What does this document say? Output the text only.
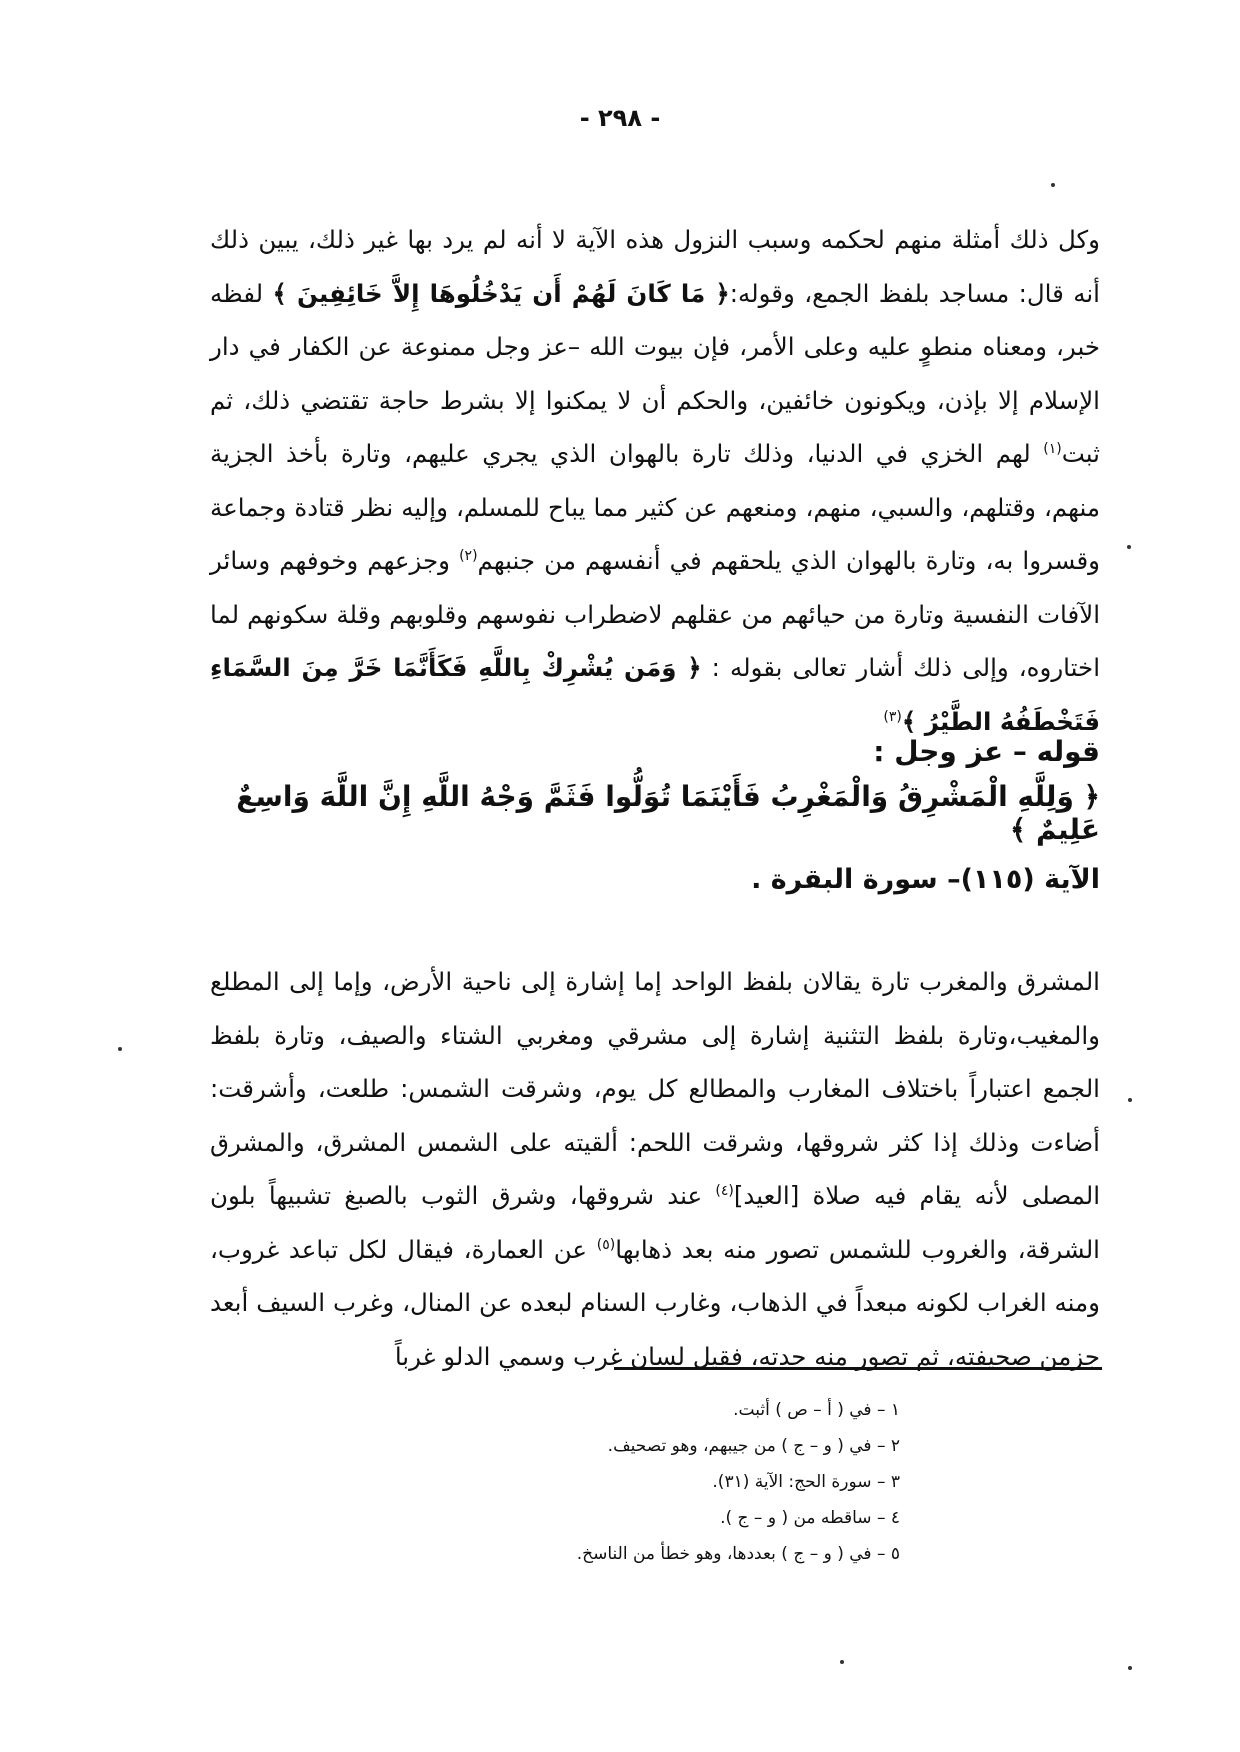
- ٢٩٨ -

وكل ذلك أمثلة منهم لحكمه وسبب النزول هذه الآية لا أنه لم يرد بها غير ذلك، يبين ذلك أنه قال: مساجد بلفظ الجمع، وقوله:﴿ مَا كَانَ لَهُمْ أَن يَدْخُلُوهَا إِلاَّ خَائِفِينَ ﴾ لفظه خبر، ومعناه منطوٍ عليه وعلى الأمر، فإن بيوت الله –عز وجل ممنوعة عن الكفار في دار الإسلام إلا بإذن، ويكونون خائفين، والحكم أن لا يمكنوا إلا بشرط حاجة تقتضي ذلك، ثم ثبت$^{(١)}$ لهم الخزي في الدنيا، وذلك تارة بالهوان الذي يجري عليهم، وتارة بأخذ الجزية منهم، وقتلهم، والسبي، منهم، ومنعهم عن كثير مما يباح للمسلم، وإليه نظر قتادة وجماعة وقسروا به، وتارة بالهوان الذي يلحقهم في أنفسهم من جنبهم$^{(٢)}$ وجزعهم وخوفهم وسائر الآفات النفسية وتارة من حيائهم من عقلهم لاضطراب نفوسهم وقلوبهم وقلة سكونهم لما اختاروه، وإلى ذلك أشار تعالى بقوله : ﴿ وَمَن يُشْرِكْ بِاللَّهِ فَكَأَنَّمَا خَرَّ مِنَ السَّمَاءِ فَتَخْطَفُهُ الطَّيْرُ ﴾$^{(٣)}$

قوله – عز وجل :
﴿ وَلِلَّهِ الْمَشْرِقُ وَالْمَغْرِبُ فَأَيْنَمَا تُوَلُّوا فَثَمَّ وَجْهُ اللَّهِ إِنَّ اللَّهَ وَاسِعٌ عَلِيمٌ ﴾
الآية (١١٥)– سورة البقرة .

المشرق والمغرب تارة يقالان بلفظ الواحد إما إشارة إلى ناحية الأرض، وإما إلى المطلع والمغيب،وتارة بلفظ التثنية إشارة إلى مشرقي ومغربي الشتاء والصيف، وتارة بلفظ الجمع اعتباراً باختلاف المغارب والمطالع كل يوم، وشرقت الشمس: طلعت، وأشرقت: أضاءت وذلك إذا كثر شروقها، وشرقت اللحم: ألقيته على الشمس المشرق، والمشرق المصلى لأنه يقام فيه صلاة [العيد]$^{(٤)}$ عند شروقها، وشرق الثوب بالصبغ تشبيهاً بلون الشرقة، والغروب للشمس تصور منه بعد ذهابها$^{(٥)}$ عن العمارة، فيقال لكل تباعد غروب، ومنه الغراب لكونه مبعداً في الذهاب، وغارب السنام لبعده عن المنال، وغرب السيف أبعد جزمن صحيفته، ثم تصور منه حدته، فقيل لسان غرب وسمي الدلو غرباً

١ – في ( أ – ص ) أثبت.

٢ – في ( و – ج ) من جيبهم، وهو تصحيف.

٣ – سورة الحج: الآية (٣١).

٤ – ساقطه من ( و – ج ).

٥ – في ( و – ج ) بعددها، وهو خطأ من الناسخ.
